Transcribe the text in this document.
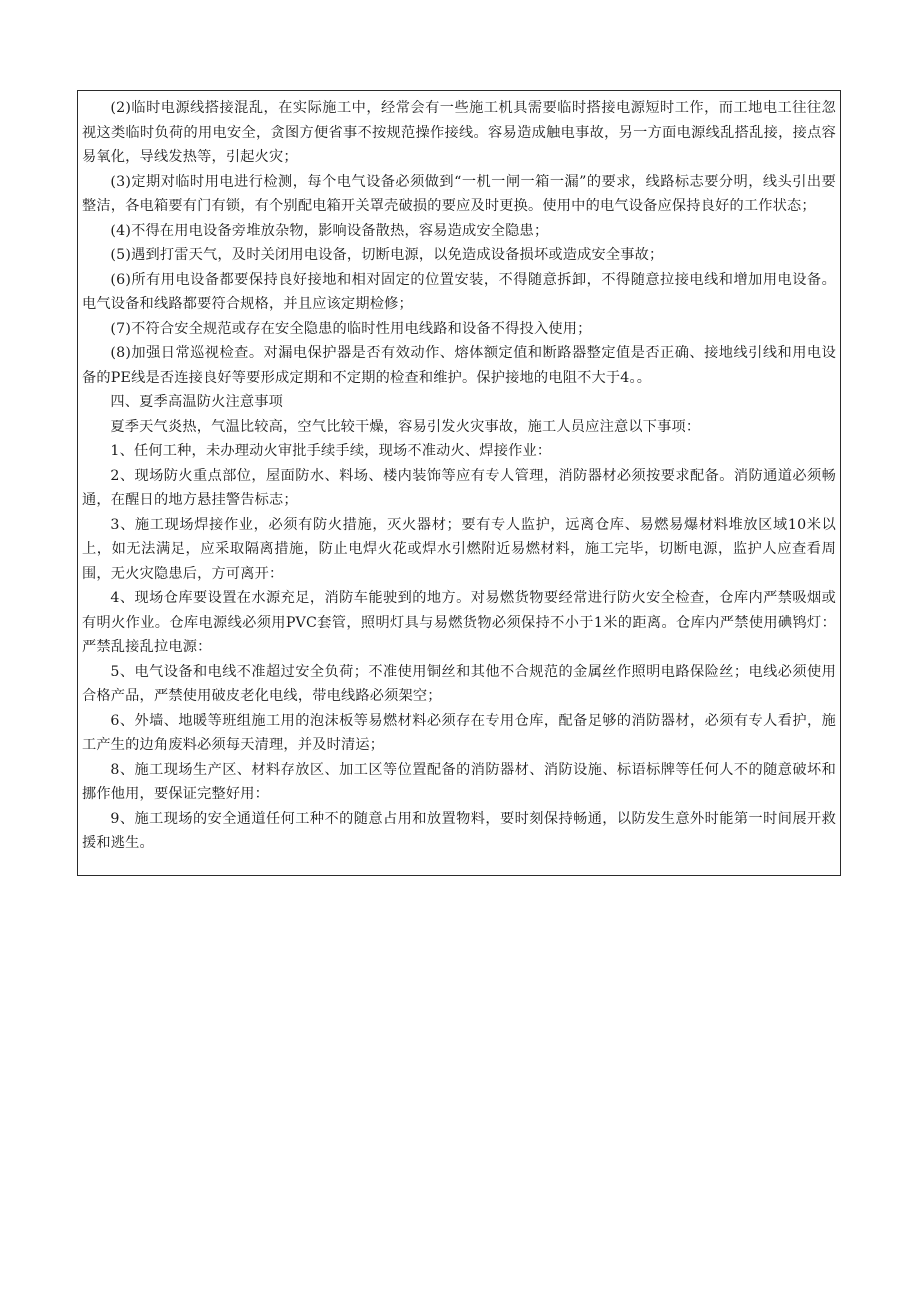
(2)临时电源线搭接混乱，在实际施工中，经常会有一些施工机具需要临时搭接电源短时工作，而工地电工往往忽视这类临时负荷的用电安全，贪图方便省事不按规范操作接线。容易造成触电事故，另一方面电源线乱搭乱接，接点容易氧化，导线发热等，引起火灾；

(3)定期对临时用电进行检测，每个电气设备必须做到“一机一闸一箱一漏”的要求，线路标志要分明，线头引出要整洁，各电箱要有门有锁，有个别配电箱开关罩壳破损的要应及时更换。使用中的电气设备应保持良好的工作状态；

(4)不得在用电设备旁堆放杂物，影响设备散热，容易造成安全隐患；

(5)遇到打雷天气，及时关闭用电设备，切断电源，以免造成设备损坏或造成安全事故；

(6)所有用电设备都要保持良好接地和相对固定的位置安装，不得随意拆卸，不得随意拉接电线和增加用电设备。电气设备和线路都要符合规格，并且应该定期检修；

(7)不符合安全规范或存在安全隐患的临时性用电线路和设备不得投入使用；

(8)加强日常巡视检查。对漏电保护器是否有效动作、熔体额定值和断路器整定值是否正确、接地线引线和用电设备的PE线是否连接良好等要形成定期和不定期的检查和维护。保护接地的电阻不大于4。。

四、夏季高温防火注意事项

夏季天气炎热，气温比较高，空气比较干燥，容易引发火灾事故，施工人员应注意以下事项：

1、任何工种，未办理动火审批手续手续，现场不准动火、焊接作业：

2、现场防火重点部位，屋面防水、料场、楼内装饰等应有专人管理，消防器材必须按要求配备。消防通道必须畅通，在醒日的地方悬挂警告标志；

3、施工现场焊接作业，必须有防火措施，灭火器材；要有专人监护，远离仓库、易燃易爆材料堆放区域10米以上，如无法满足，应采取隔离措施，防止电焊火花或焊水引燃附近易燃材料，施工完毕，切断电源，监护人应查看周围，无火灾隐患后，方可离开：

4、现场仓库要设置在水源充足，消防车能驶到的地方。对易燃货物要经常进行防火安全检查，仓库内严禁吸烟或有明火作业。仓库电源线必须用PVC套管，照明灯具与易燃货物必须保持不小于1米的距离。仓库内严禁使用碘鸨灯：严禁乱接乱拉电源：

5、电气设备和电线不准超过安全负荷；不准使用铜丝和其他不合规范的金属丝作照明电路保险丝；电线必须使用合格产品，严禁使用破皮老化电线，带电线路必须架空；

6、外墙、地暖等班组施工用的泡沫板等易燃材料必须存在专用仓库，配备足够的消防器材，必须有专人看护，施工产生的边角废料必须每天清理，并及时清运；

8、施工现场生产区、材料存放区、加工区等位置配备的消防器材、消防设施、标语标牌等任何人不的随意破坏和挪作他用，要保证完整好用：

9、施工现场的安全通道任何工种不的随意占用和放置物料，要时刻保持畅通，以防发生意外时能第一时间展开救援和逃生。
